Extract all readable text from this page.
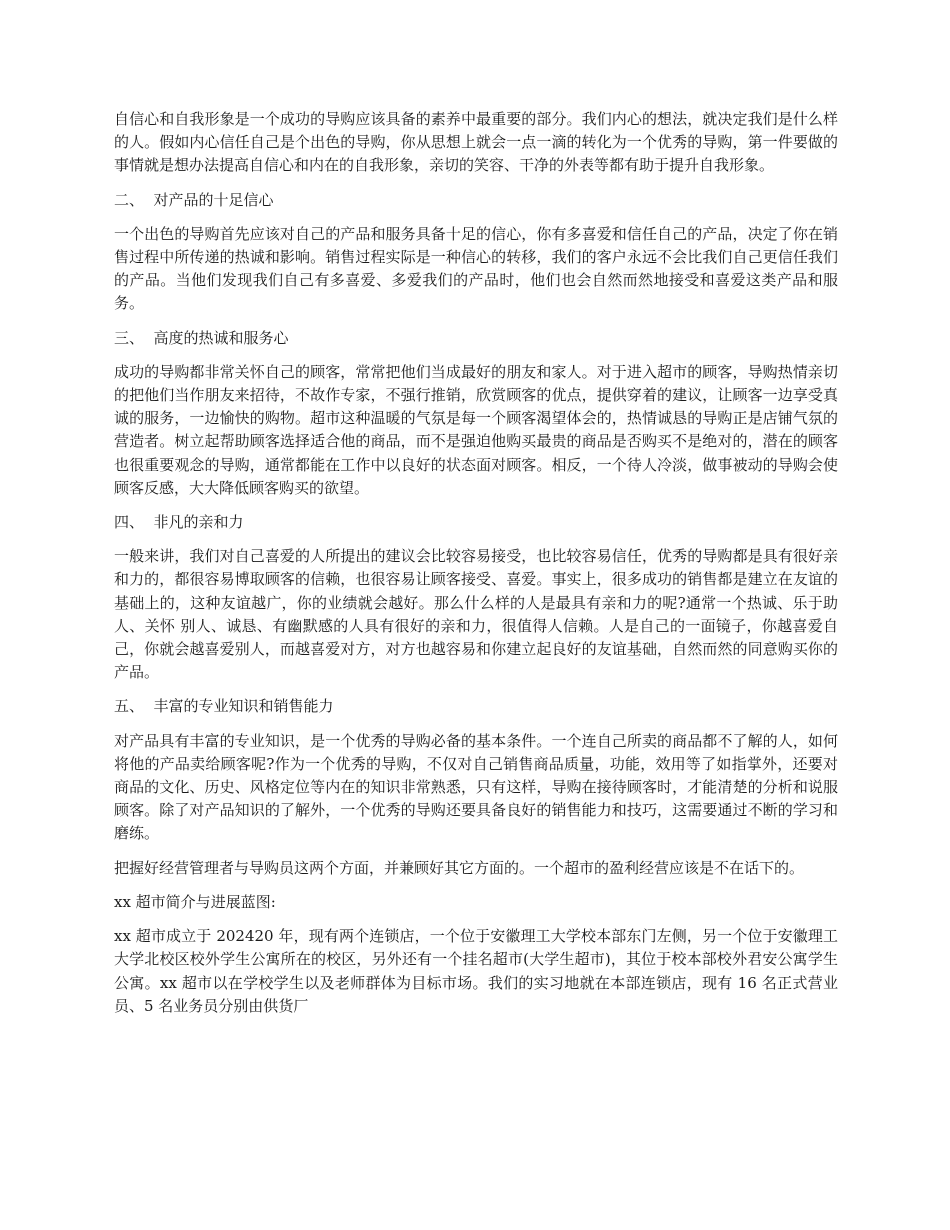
自信心和自我形象是一个成功的导购应该具备的素养中最重要的部分。我们内心的想法，就决定我们是什么样的人。假如内心信任自己是个出色的导购，你从思想上就会一点一滴的转化为一个优秀的导购，第一件要做的事情就是想办法提高自信心和内在的自我形象，亲切的笑容、干净的外表等都有助于提升自我形象。

二、  对产品的十足信心

一个出色的导购首先应该对自己的产品和服务具备十足的信心，你有多喜爱和信任自己的产品，决定了你在销售过程中所传递的热诚和影响。销售过程实际是一种信心的转移，我们的客户永远不会比我们自己更信任我们的产品。当他们发现我们自己有多喜爱、多爱我们的产品时，他们也会自然而然地接受和喜爱这类产品和服务。

三、  高度的热诚和服务心

成功的导购都非常关怀自己的顾客，常常把他们当成最好的朋友和家人。对于进入超市的顾客，导购热情亲切的把他们当作朋友来招待，不故作专家，不强行推销，欣赏顾客的优点，提供穿着的建议，让顾客一边享受真诚的服务，一边愉快的购物。超市这种温暖的气氛是每一个顾客渴望体会的，热情诚恳的导购正是店铺气氛的营造者。树立起帮助顾客选择适合他的商品，而不是强迫他购买最贵的商品是否购买不是绝对的，潜在的顾客也很重要观念的导购，通常都能在工作中以良好的状态面对顾客。相反，一个待人冷淡，做事被动的导购会使顾客反感，大大降低顾客购买的欲望。

四、  非凡的亲和力

一般来讲，我们对自己喜爱的人所提出的建议会比较容易接受，也比较容易信任，优秀的导购都是具有很好亲和力的，都很容易博取顾客的信赖，也很容易让顾客接受、喜爱。事实上，很多成功的销售都是建立在友谊的基础上的，这种友谊越广，你的业绩就会越好。那么什么样的人是最具有亲和力的呢?通常一个热诚、乐于助人、关怀 别人、诚恳、有幽默感的人具有很好的亲和力，很值得人信赖。人是自己的一面镜子，你越喜爱自己，你就会越喜爱别人，而越喜爱对方，对方也越容易和你建立起良好的友谊基础，自然而然的同意购买你的产品。

五、  丰富的专业知识和销售能力

对产品具有丰富的专业知识，是一个优秀的导购必备的基本条件。一个连自己所卖的商品都不了解的人，如何将他的产品卖给顾客呢?作为一个优秀的导购，不仅对自己销售商品质量，功能，效用等了如指掌外，还要对商品的文化、历史、风格定位等内在的知识非常熟悉，只有这样，导购在接待顾客时，才能清楚的分析和说服顾客。除了对产品知识的了解外，一个优秀的导购还要具备良好的销售能力和技巧，这需要通过不断的学习和磨练。

把握好经营管理者与导购员这两个方面，并兼顾好其它方面的。一个超市的盈利经营应该是不在话下的。

xx 超市简介与进展蓝图:

xx 超市成立于 202420 年，现有两个连锁店，一个位于安徽理工大学校本部东门左侧，另一个位于安徽理工大学北校区校外学生公寓所在的校区，另外还有一个挂名超市(大学生超市)，其位于校本部校外君安公寓学生公寓。xx 超市以在学校学生以及老师群体为目标市场。我们的实习地就在本部连锁店，现有 16 名正式营业员、5 名业务员分别由供货厂
